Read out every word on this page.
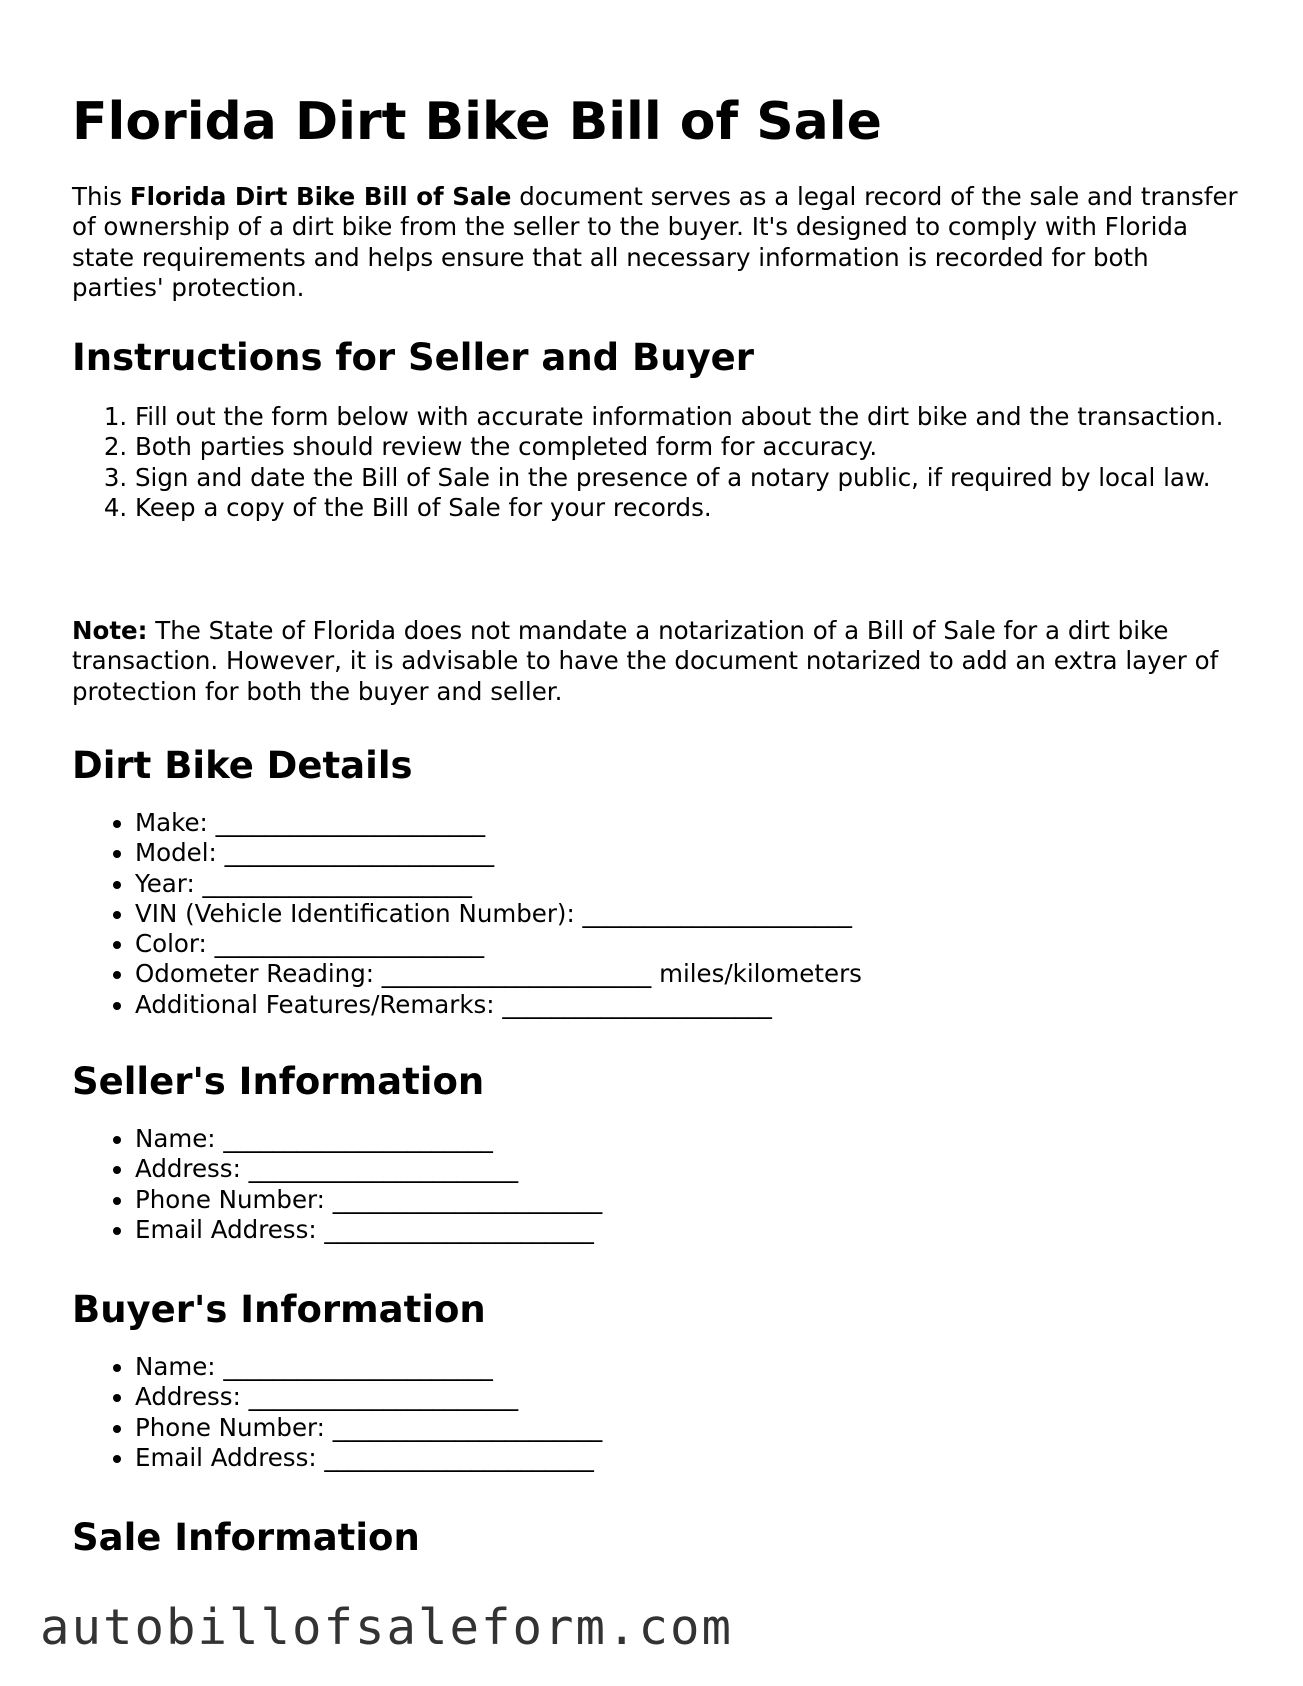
Florida Dirt Bike Bill of Sale

This Florida Dirt Bike Bill of Sale document serves as a legal record of the sale and transfer of ownership of a dirt bike from the seller to the buyer. It's designed to comply with Florida state requirements and helps ensure that all necessary information is recorded for both parties' protection.

Instructions for Seller and Buyer
1. Fill out the form below with accurate information about the dirt bike and the transaction.
2. Both parties should review the completed form for accuracy.
3. Sign and date the Bill of Sale in the presence of a notary public, if required by local law.
4. Keep a copy of the Bill of Sale for your records.

Note: The State of Florida does not mandate a notarization of a Bill of Sale for a dirt bike transaction. However, it is advisable to have the document notarized to add an extra layer of protection for both the buyer and seller.

Dirt Bike Details
• Make: ______________________
• Model: ______________________
• Year: ______________________
• VIN (Vehicle Identification Number): ______________________
• Color: ______________________
• Odometer Reading: ______________________ miles/kilometers
• Additional Features/Remarks: ______________________
Seller's Information
• Name: ______________________
• Address: ______________________
• Phone Number: ______________________
• Email Address: ______________________
Buyer's Information
• Name: ______________________
• Address: ______________________
• Phone Number: ______________________
• Email Address: ______________________
Sale Information
autobillofsaleform.com
